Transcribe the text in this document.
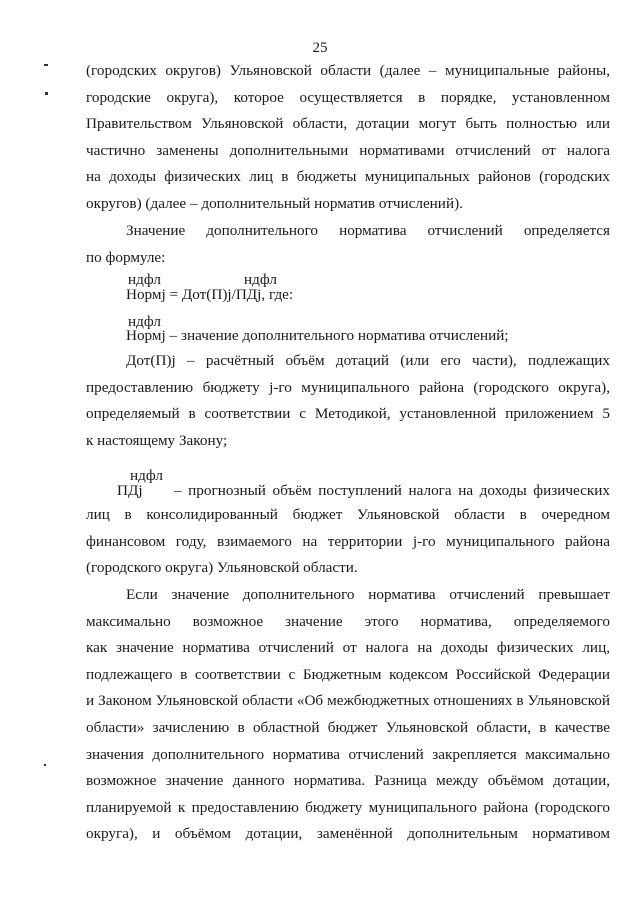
25
(городских округов) Ульяновской области (далее – муниципальные районы,
городские округа), которое осуществляется в порядке, установленном
Правительством Ульяновской области, дотации могут быть полностью или
частично заменены дополнительными нормативами отчислений от налога
на доходы физических лиц в бюджеты муниципальных районов (городских
округов) (далее – дополнительный норматив отчислений).
Значение дополнительного норматива отчислений определяется
по формуле:
ндфл	ндфл
Нормj = Дот(П)j/ПДj, где:
ндфл
Нормj – значение дополнительного норматива отчислений;
Дот(П)j – расчётный объём дотаций (или его части), подлежащих
предоставлению бюджету j-го муниципального района (городского округа),
определяемый в соответствии с Методикой, установленной приложением 5
к настоящему Закону;
ндфл
ПДj – прогнозный объём поступлений налога на доходы физических
лиц в консолидированный бюджет Ульяновской области в очередном
финансовом году, взимаемого на территории j-го муниципального района
(городского округа) Ульяновской области.
Если значение дополнительного норматива отчислений превышает
максимально возможное значение этого норматива, определяемого
как значение норматива отчислений от налога на доходы физических лиц,
подлежащего в соответствии с Бюджетным кодексом Российской Федерации
и Законом Ульяновской области «Об межбюджетных отношениях в Ульяновской
области» зачислению в областной бюджет Ульяновской области, в качестве
значения дополнительного норматива отчислений закрепляется максимально
возможное значение данного норматива. Разница между объёмом дотации,
планируемой к предоставлению бюджету муниципального района (городского
округа), и объёмом дотации, заменённой дополнительным нормативом
